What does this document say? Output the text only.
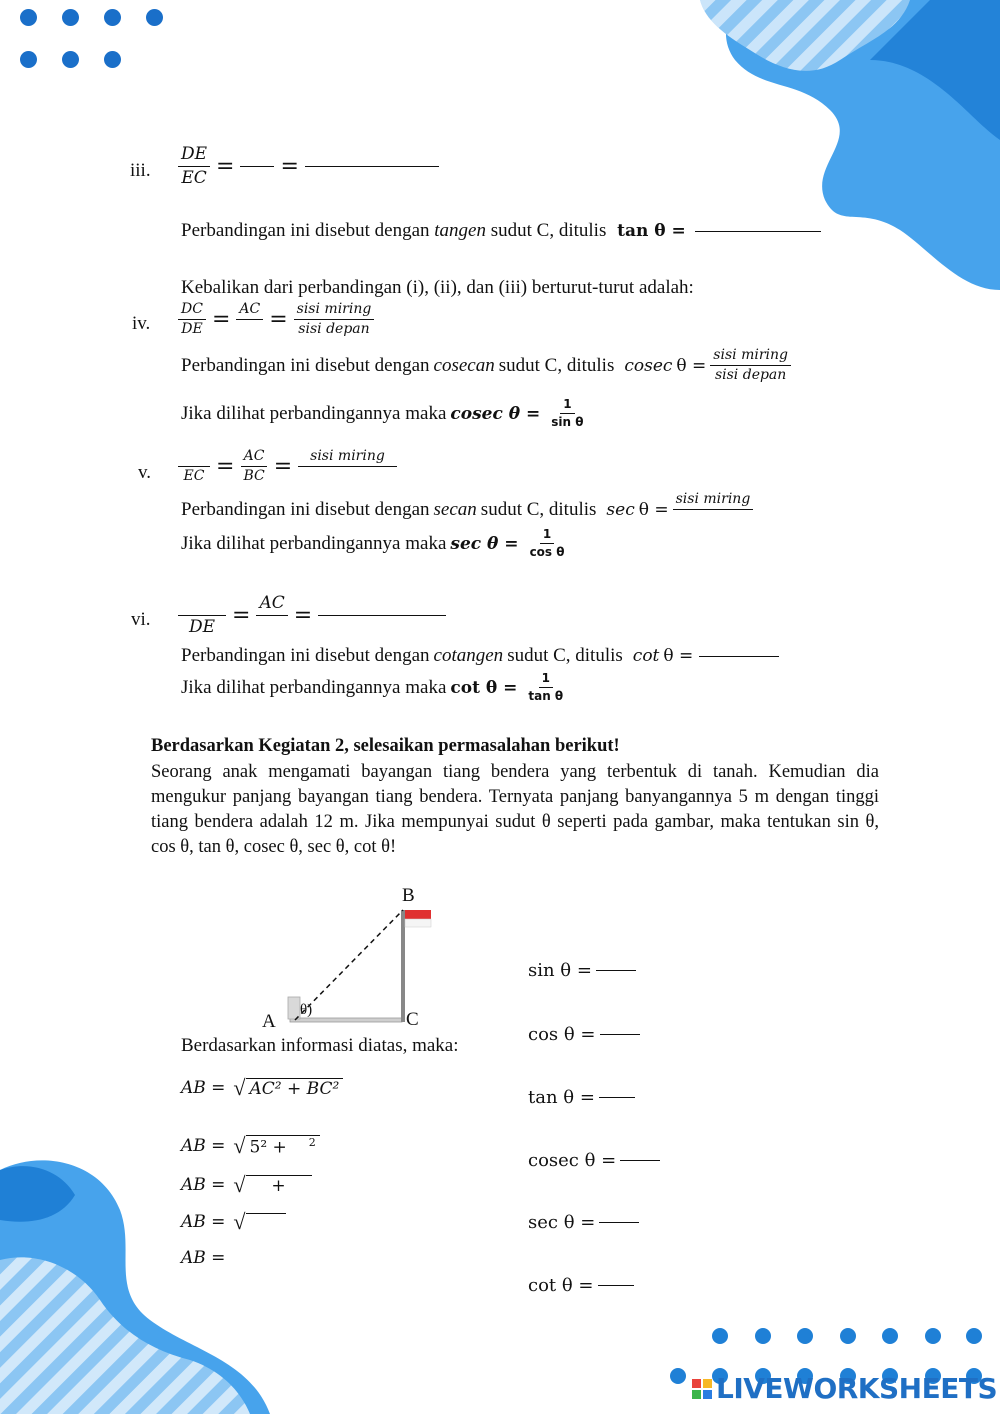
iii. $\frac{DE}{EC}$ = =
Perbandingan ini disebut dengan tangen sudut C, ditulis tan θ =
Kebalikan dari perbandingan (i), (ii), dan (iii) berturut-turut adalah:
iv. $\frac{DC}{DE}$ = AC
= $\frac{\text{sisi miring}}{\text{sisi depan}}$
Perbandingan ini disebut dengan cosecan sudut C, ditulis cosec $\theta = \frac{\text{sisi miring}}{\text{sisi depan}}$
Jika dilihat perbandingannya maka cosec $\theta = \frac{1}{\text{sin θ}}$
v.
EC = $\frac{AC}{BC}$ =	sisi miring

Perbandingan ini disebut dengan secan sudut C, ditulis sec θ =
sisi miring

Jika dilihat perbandingannya maka $\sec \theta = \frac{1}{\text{cos θ}}$
vi.
DE = AC
=
Perbandingan ini disebut dengan cotangen sudut C, ditulis cot θ =
Jika dilihat perbandingannya maka $\cot \theta = \frac{1}{\text{tan θ}}$
Berdasarkan Kegiatan 2, selesaikan permasalahan berikut!
Seorang anak mengamati bayangan tiang bendera yang terbentuk di tanah. Kemudian dia mengukur panjang bayangan tiang bendera. Ternyata panjang banyangannya 5 m dengan tinggi tiang bendera adalah 12 m. Jika mempunyai sudut θ seperti pada gambar, maka tentukan sin θ, cos θ, tan θ, cosec θ, sec θ, cot θ!
A
B
C
θ)
Berdasarkan informasi diatas, maka:
AB = √ AC² + BC²
AB = √ 5² + $^2$
AB = √	+
AB = √

AB =
sin θ =
cos θ =
tan θ =
cosec θ =
sec θ =
cot θ =
LIVEWORKSHEETS
